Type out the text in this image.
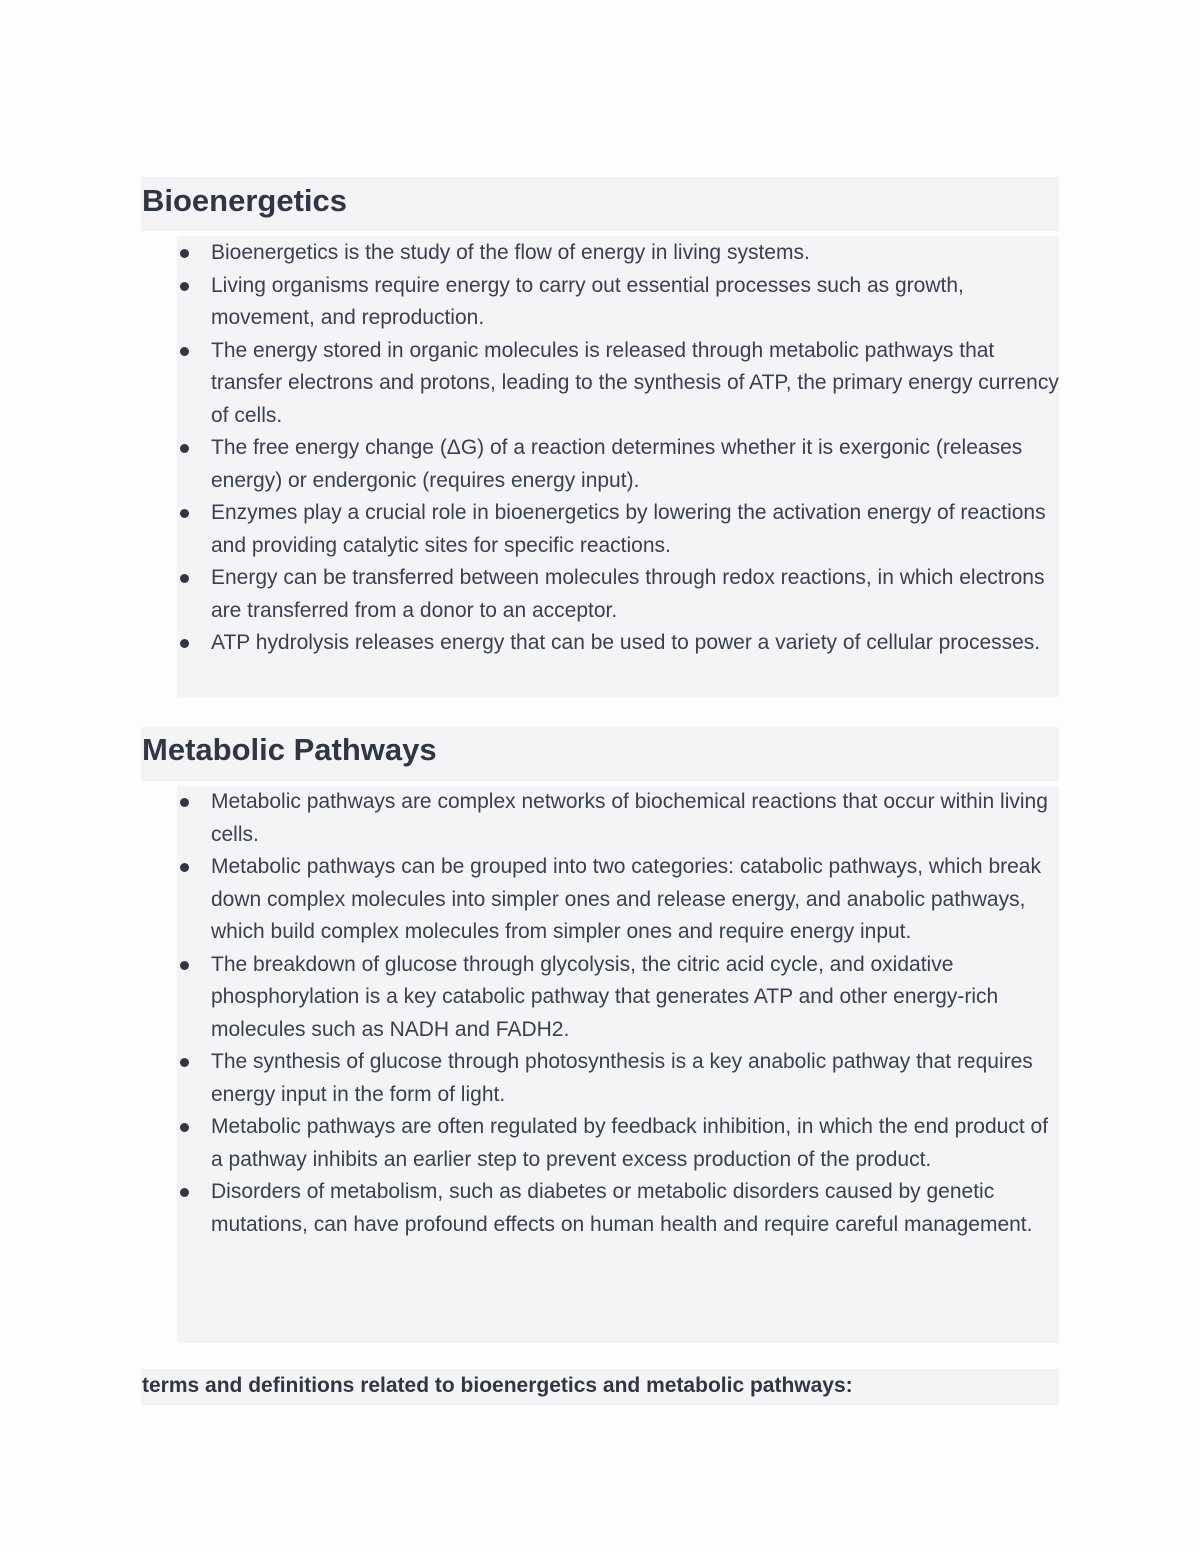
Bioenergetics
Bioenergetics is the study of the flow of energy in living systems.
Living organisms require energy to carry out essential processes such as growth, movement, and reproduction.
The energy stored in organic molecules is released through metabolic pathways that transfer electrons and protons, leading to the synthesis of ATP, the primary energy currency of cells.
The free energy change (ΔG) of a reaction determines whether it is exergonic (releases energy) or endergonic (requires energy input).
Enzymes play a crucial role in bioenergetics by lowering the activation energy of reactions and providing catalytic sites for specific reactions.
Energy can be transferred between molecules through redox reactions, in which electrons are transferred from a donor to an acceptor.
ATP hydrolysis releases energy that can be used to power a variety of cellular processes.
Metabolic Pathways
Metabolic pathways are complex networks of biochemical reactions that occur within living cells.
Metabolic pathways can be grouped into two categories: catabolic pathways, which break down complex molecules into simpler ones and release energy, and anabolic pathways, which build complex molecules from simpler ones and require energy input.
The breakdown of glucose through glycolysis, the citric acid cycle, and oxidative phosphorylation is a key catabolic pathway that generates ATP and other energy-rich molecules such as NADH and FADH2.
The synthesis of glucose through photosynthesis is a key anabolic pathway that requires energy input in the form of light.
Metabolic pathways are often regulated by feedback inhibition, in which the end product of a pathway inhibits an earlier step to prevent excess production of the product.
Disorders of metabolism, such as diabetes or metabolic disorders caused by genetic mutations, can have profound effects on human health and require careful management.
terms and definitions related to bioenergetics and metabolic pathways:
